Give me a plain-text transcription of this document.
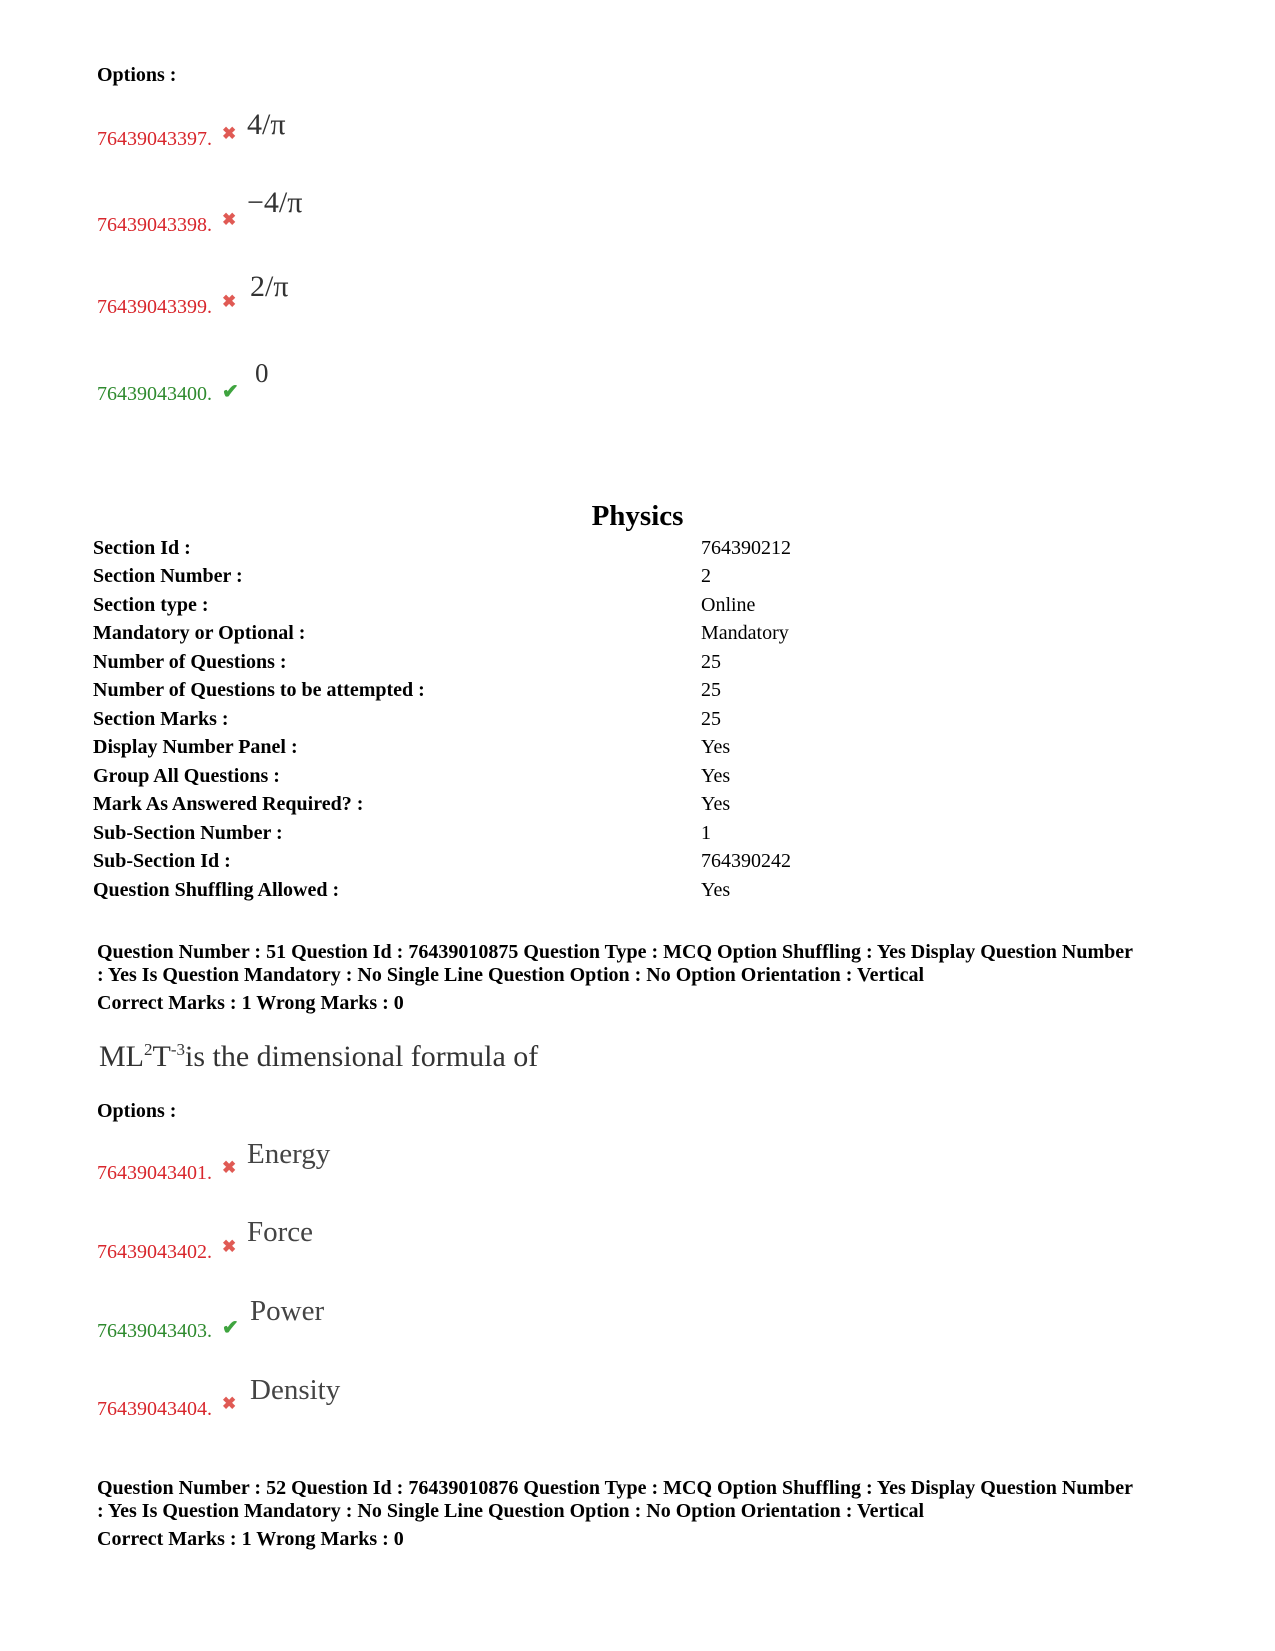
Options :
76439043397. ✖ 4/π
76439043398. ✖
−4/π
76439043399. ✖ 2/π
76439043400. ✔
0
Physics
Section Id :	764390212
Section Number :	2
Section type :	Online
Mandatory or Optional :	Mandatory
Number of Questions :	25
Number of Questions to be attempted :	25
Section Marks :	25
Display Number Panel :	Yes
Group All Questions :	Yes
Mark As Answered Required? :	Yes
Sub-Section Number :	1
Sub-Section Id :	764390242
Question Shuffling Allowed :	Yes
Question Number : 51 Question Id : 76439010875 Question Type : MCQ Option Shuffling : Yes Display Question Number
: Yes Is Question Mandatory : No Single Line Question Option : No Option Orientation : Vertical
Correct Marks : 1 Wrong Marks : 0
$ML^2T^{-3}is$ the dimensional formula of
Options :
76439043401. ✖ Energy
76439043402. ✖ Force
76439043403. ✔
Power
76439043404. ✖ Density
Question Number : 52 Question Id : 76439010876 Question Type : MCQ Option Shuffling : Yes Display Question Number
: Yes Is Question Mandatory : No Single Line Question Option : No Option Orientation : Vertical
Correct Marks : 1 Wrong Marks : 0
